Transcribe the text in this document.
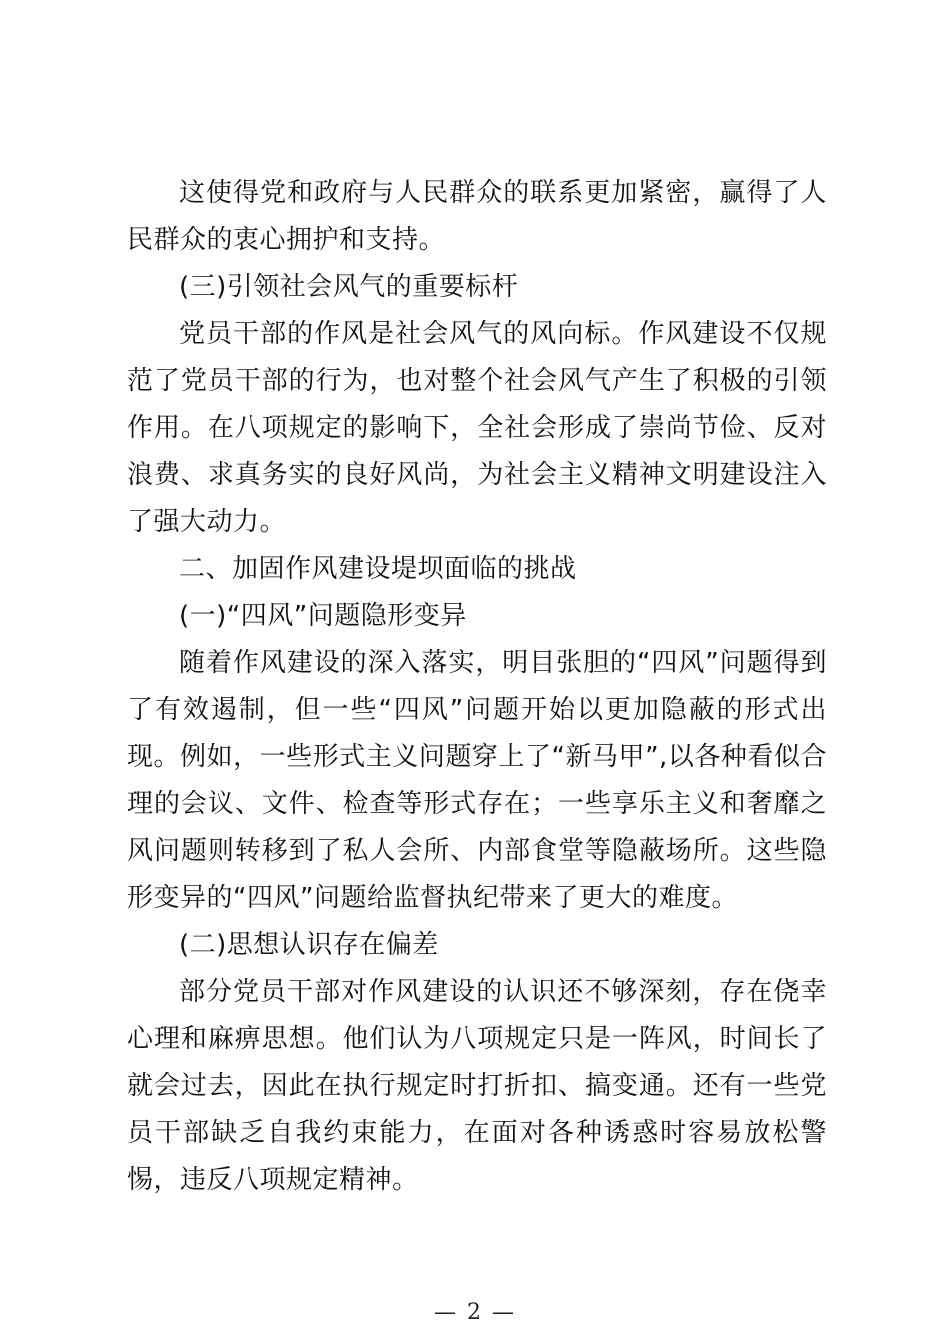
这使得党和政府与人民群众的联系更加紧密，赢得了人民群众的衷心拥护和支持。

(三)引领社会风气的重要标杆

党员干部的作风是社会风气的风向标。作风建设不仅规范了党员干部的行为，也对整个社会风气产生了积极的引领作用。在八项规定的影响下，全社会形成了崇尚节俭、反对浪费、求真务实的良好风尚，为社会主义精神文明建设注入了强大动力。

二、加固作风建设堤坝面临的挑战

(一)“四风”问题隐形变异

随着作风建设的深入落实，明目张胆的“四风”问题得到了有效遏制，但一些“四风”问题开始以更加隐蔽的形式出现。例如，一些形式主义问题穿上了“新马甲”,以各种看似合理的会议、文件、检查等形式存在；一些享乐主义和奢靡之风问题则转移到了私人会所、内部食堂等隐蔽场所。这些隐形变异的“四风”问题给监督执纪带来了更大的难度。

(二)思想认识存在偏差

部分党员干部对作风建设的认识还不够深刻，存在侥幸心理和麻痹思想。他们认为八项规定只是一阵风，时间长了就会过去，因此在执行规定时打折扣、搞变通。还有一些党员干部缺乏自我约束能力，在面对各种诱惑时容易放松警惕，违反八项规定精神。

— 2 —
